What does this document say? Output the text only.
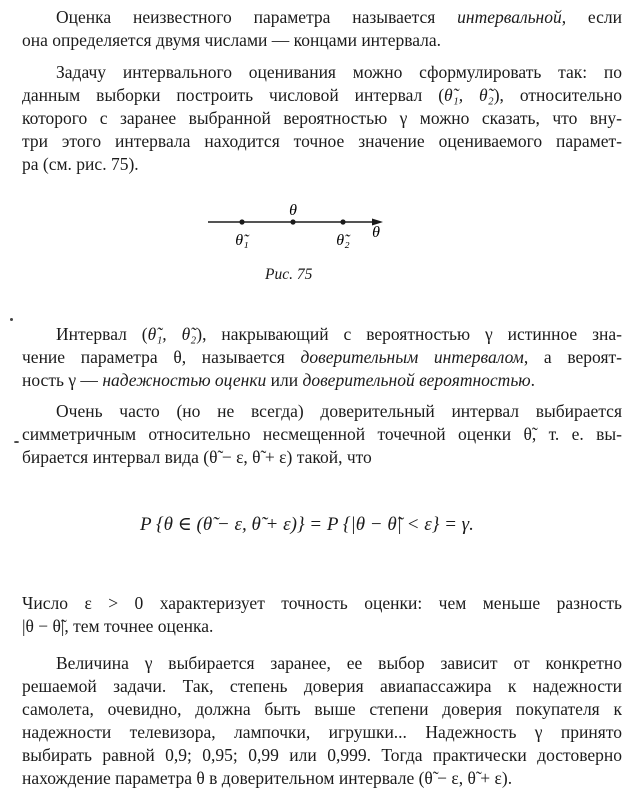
Оценка неизвестного параметра называется интервальной, если
она определяется двумя числами — концами интервала.
Задачу интервального оценивания можно сформулировать так: по
данным выборки построить числовой интервал (θ̃₁, θ̃₂), относительно
которого с заранее выбранной вероятностью γ можно сказать, что вну-
три этого интервала находится точное значение оцениваемого парамет-
ра (см. рис. 75).
θ
θ̃₁	θ̃₂ θ
Рис. 75
Интервал (θ̃₁, θ̃₂), накрывающий с вероятностью γ истинное зна-
чение параметра θ, называется доверительным интервалом, а вероят-
ность γ — надежностью оценки или доверительной вероятностью.
Очень часто (но не всегда) доверительный интервал выбирается
симметричным относительно несмещенной точечной оценки θ̃, т. е. вы-
бирается интервал вида (θ̃ − ε, θ̃ + ε) такой, что
P {θ ∈ (θ̃ − ε, θ̃ + ε)} = P {|θ − θ̃| < ε} = γ.
Число ε > 0 характеризует точность оценки: чем меньше разность
|θ − θ̃|, тем точнее оценка.
Величина γ выбирается заранее, ее выбор зависит от конкретно
решаемой задачи. Так, степень доверия авиапассажира к надежности
самолета, очевидно, должна быть выше степени доверия покупателя к
надежности телевизора, лампочки, игрушки... Надежность γ принято
выбирать равной 0,9; 0,95; 0,99 или 0,999. Тогда практически достоверно
нахождение параметра θ в доверительном интервале (θ̃ − ε, θ̃ + ε).
